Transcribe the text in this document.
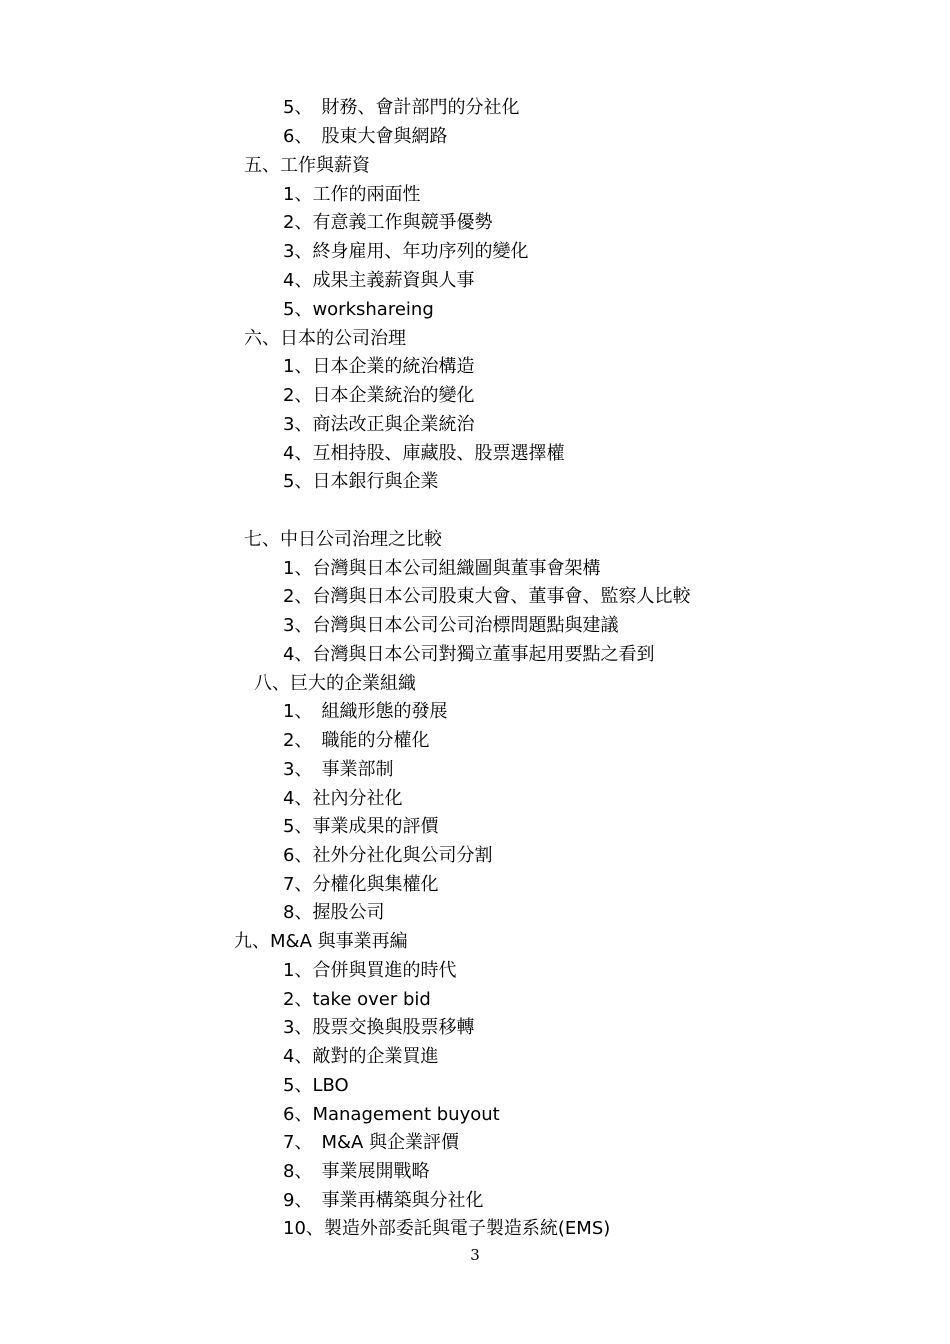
5、　財務、會計部門的分社化
6、　股東大會與網路
五、工作與薪資
1、工作的兩面性
2、有意義工作與競爭優勢
3、終身雇用、年功序列的變化
4、成果主義薪資與人事
5、workshareing
六、日本的公司治理
1、日本企業的統治構造
2、日本企業統治的變化
3、商法改正與企業統治
4、互相持股、庫藏股、股票選擇權
5、日本銀行與企業
七、中日公司治理之比較
1、台灣與日本公司組織圖與董事會架構
2、台灣與日本公司股東大會、董事會、監察人比較
3、台灣與日本公司公司治標問題點與建議
4、台灣與日本公司對獨立董事起用要點之看到
八、巨大的企業組織
1、　組織形態的發展
2、　職能的分權化
3、　事業部制
4、社內分社化
5、事業成果的評價
6、社外分社化與公司分割
7、分權化與集權化
8、握股公司
九、M&A 與事業再編
1、合併與買進的時代
2、take over bid
3、股票交換與股票移轉
4、敵對的企業買進
5、LBO
6、Management buyout
7、　M&A 與企業評價
8、　事業展開戰略
9、　事業再構築與分社化
10、製造外部委託與電子製造系統(EMS)
3
